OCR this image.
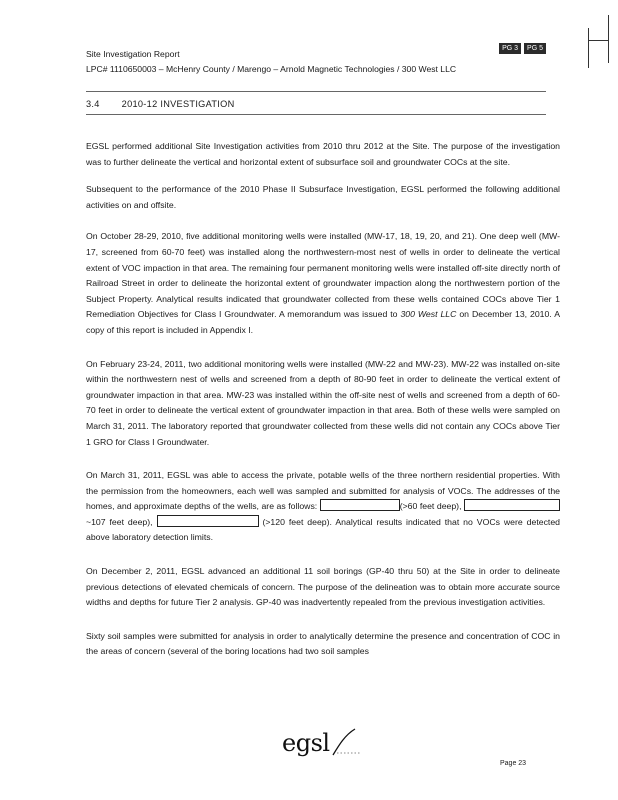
Site Investigation Report
LPC# 1110650003 – McHenry County / Marengo – Arnold Magnetic Technologies / 300 West LLC
PG 3	PG 5
3.4 2010-12 INVESTIGATION

EGSL performed additional Site Investigation activities from 2010 thru 2012 at the Site. The purpose of the investigation was to further delineate the vertical and horizontal extent of subsurface soil and groundwater COCs at the site.

Subsequent to the performance of the 2010 Phase II Subsurface Investigation, EGSL performed the following additional activities on and offsite.

On October 28-29, 2010, five additional monitoring wells were installed (MW-17, 18, 19, 20, and 21). One deep well (MW-17, screened from 60-70 feet) was installed along the northwestern-most nest of wells in order to delineate the vertical extent of VOC impaction in that area. The remaining four permanent monitoring wells were installed off-site directly north of Railroad Street in order to delineate the horizontal extent of groundwater impaction along the northwestern portion of the Subject Property. Analytical results indicated that groundwater collected from these wells contained COCs above Tier 1 Remediation Objectives for Class I Groundwater. A memorandum was issued to 300 West LLC on December 13, 2010. A copy of this report is included in Appendix I.

On February 23-24, 2011, two additional monitoring wells were installed (MW-22 and MW-23). MW-22 was installed on-site within the northwestern nest of wells and screened from a depth of 80-90 feet in order to delineate the vertical extent of groundwater impaction in that area. MW-23 was installed within the off-site nest of wells and screened from a depth of 60-70 feet in order to delineate the vertical extent of groundwater impaction in that area. Both of these wells were sampled on March 31, 2011. The laboratory reported that groundwater collected from these wells did not contain any COCs above Tier 1 GRO for Class I Groundwater.

On March 31, 2011, EGSL was able to access the private, potable wells of the three northern residential properties. With the permission from the homeowners, each well was sampled and submitted for analysis of VOCs. The addresses of the homes, and approximate depths of the wells, are as follows:	(>60 feet deep), ~107 feet deep),	(>120 feet deep). Analytical results indicated that no VOCs were detected above laboratory detection limits.

On December 2, 2011, EGSL advanced an additional 11 soil borings (GP-40 thru 50) at the Site in order to delineate previous detections of elevated chemicals of concern. The purpose of the delineation was to obtain more accurate source widths and depths for future Tier 2 analysis. GP-40 was inadvertently repealed from the previous investigation activities.

Sixty soil samples were submitted for analysis in order to analytically determine the presence and concentration of COC in the areas of concern (several of the boring locations had two soil samples

egsl
Page 23
